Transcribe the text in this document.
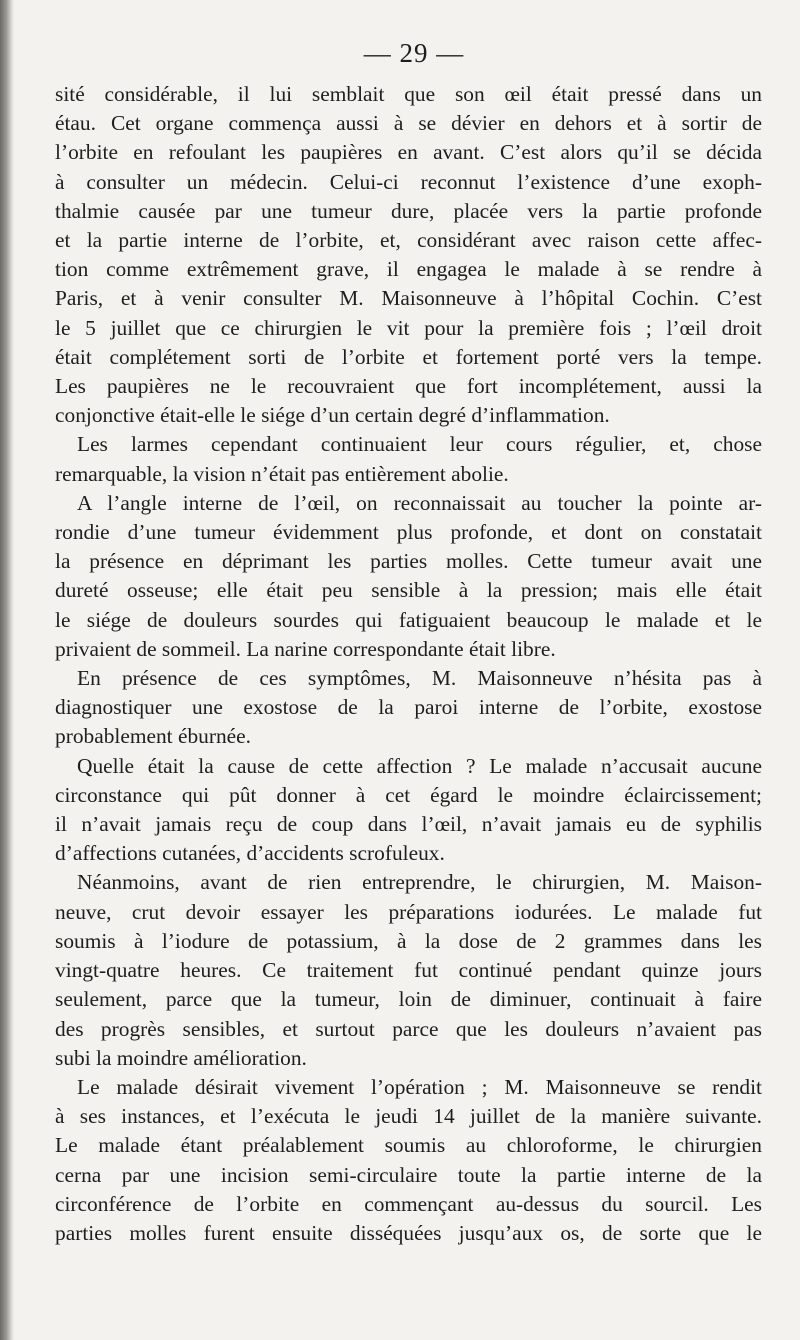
— 29 —
sité considérable, il lui semblait que son œil était pressé dans un
étau. Cet organe commença aussi à se dévier en dehors et à sortir de
l’orbite en refoulant les paupières en avant. C’est alors qu’il se décida
à consulter un médecin. Celui-ci reconnut l’existence d’une exoph-
thalmie causée par une tumeur dure, placée vers la partie profonde
et la partie interne de l’orbite, et, considérant avec raison cette affec-
tion comme extrêmement grave, il engagea le malade à se rendre à
Paris, et à venir consulter M. Maisonneuve à l’hôpital Cochin. C’est
le 5 juillet que ce chirurgien le vit pour la première fois ; l’œil droit
était complétement sorti de l’orbite et fortement porté vers la tempe.
Les paupières ne le recouvraient que fort incomplétement, aussi la
conjonctive était-elle le siége d’un certain degré d’inflammation.
Les larmes cependant continuaient leur cours régulier, et, chose
remarquable, la vision n’était pas entièrement abolie.
A l’angle interne de l’œil, on reconnaissait au toucher la pointe ar-
rondie d’une tumeur évidemment plus profonde, et dont on constatait
la présence en déprimant les parties molles. Cette tumeur avait une
dureté osseuse; elle était peu sensible à la pression; mais elle était
le siége de douleurs sourdes qui fatiguaient beaucoup le malade et le
privaient de sommeil. La narine correspondante était libre.
En présence de ces symptômes, M. Maisonneuve n’hésita pas à
diagnostiquer une exostose de la paroi interne de l’orbite, exostose
probablement éburnée.
Quelle était la cause de cette affection ? Le malade n’accusait aucune
circonstance qui pût donner à cet égard le moindre éclaircissement;
il n’avait jamais reçu de coup dans l’œil, n’avait jamais eu de syphilis
d’affections cutanées, d’accidents scrofuleux.
Néanmoins, avant de rien entreprendre, le chirurgien, M. Maison-
neuve, crut devoir essayer les préparations iodurées. Le malade fut
soumis à l’iodure de potassium, à la dose de 2 grammes dans les
vingt-quatre heures. Ce traitement fut continué pendant quinze jours
seulement, parce que la tumeur, loin de diminuer, continuait à faire
des progrès sensibles, et surtout parce que les douleurs n’avaient pas
subi la moindre amélioration.
Le malade désirait vivement l’opération ; M. Maisonneuve se rendit
à ses instances, et l’exécuta le jeudi 14 juillet de la manière suivante.
Le malade étant préalablement soumis au chloroforme, le chirurgien
cerna par une incision semi-circulaire toute la partie interne de la
circonférence de l’orbite en commençant au-dessus du sourcil. Les
parties molles furent ensuite disséquées jusqu’aux os, de sorte que le
